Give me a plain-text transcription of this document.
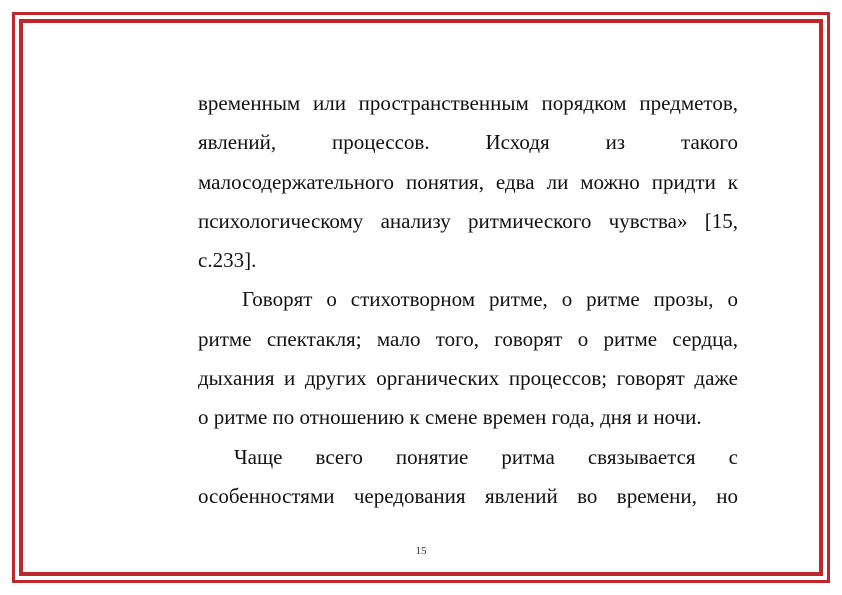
временным или пространственным порядком предметов,
явлений, процессов. Исходя из такого
малосодержательного понятия, едва ли можно придти к
психологическому анализу ритмического чувства» [15,
с.233].
Говорят о стихотворном ритме, о ритме прозы, о
ритме спектакля; мало того, говорят о ритме сердца,
дыхания и других органических процессов; говорят даже
о ритме по отношению к смене времен года, дня и ночи.
Чаще всего понятие ритма связывается с
особенностями чередования явлений во времени, но
15
